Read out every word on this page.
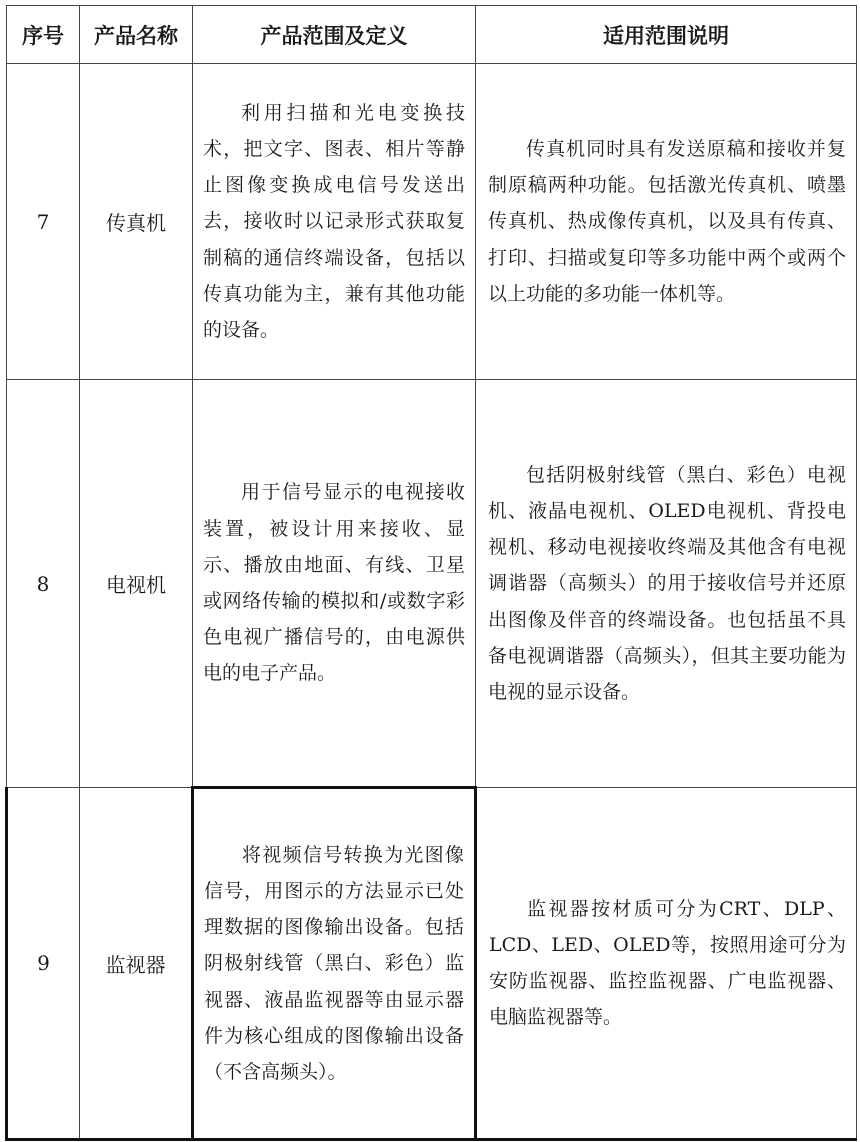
序号	产品名称	产品范围及定义	适用范围说明
7	传真机	利用扫描和光电变换技术，把文字、图表、相片等静止图像变换成电信号发送出去，接收时以记录形式获取复制稿的通信终端设备，包括以传真功能为主，兼有其他功能的设备。	传真机同时具有发送原稿和接收并复制原稿两种功能。包括激光传真机、喷墨传真机、热成像传真机，以及具有传真、打印、扫描或复印等多功能中两个或两个以上功能的多功能一体机等。

8	电视机	用于信号显示的电视接收装置，被设计用来接收、显示、播放由地面、有线、卫星或网络传输的模拟和/或数字彩色电视广播信号的，由电源供电的电子产品。	包括阴极射线管（黑白、彩色）电视机、液晶电视机、OLED电视机、背投电视机、移动电视接收终端及其他含有电视调谐器（高频头）的用于接收信号并还原出图像及伴音的终端设备。也包括虽不具备电视调谐器（高频头），但其主要功能为电视的显示设备。

9	监视器	将视频信号转换为光图像信号，用图示的方法显示已处理数据的图像输出设备。包括阴极射线管（黑白、彩色）监视器、液晶监视器等由显示器件为核心组成的图像输出设备（不含高频头）。	监视器按材质可分为CRT、DLP、LCD、LED、OLED等，按照用途可分为安防监视器、监控监视器、广电监视器、电脑监视器等。
